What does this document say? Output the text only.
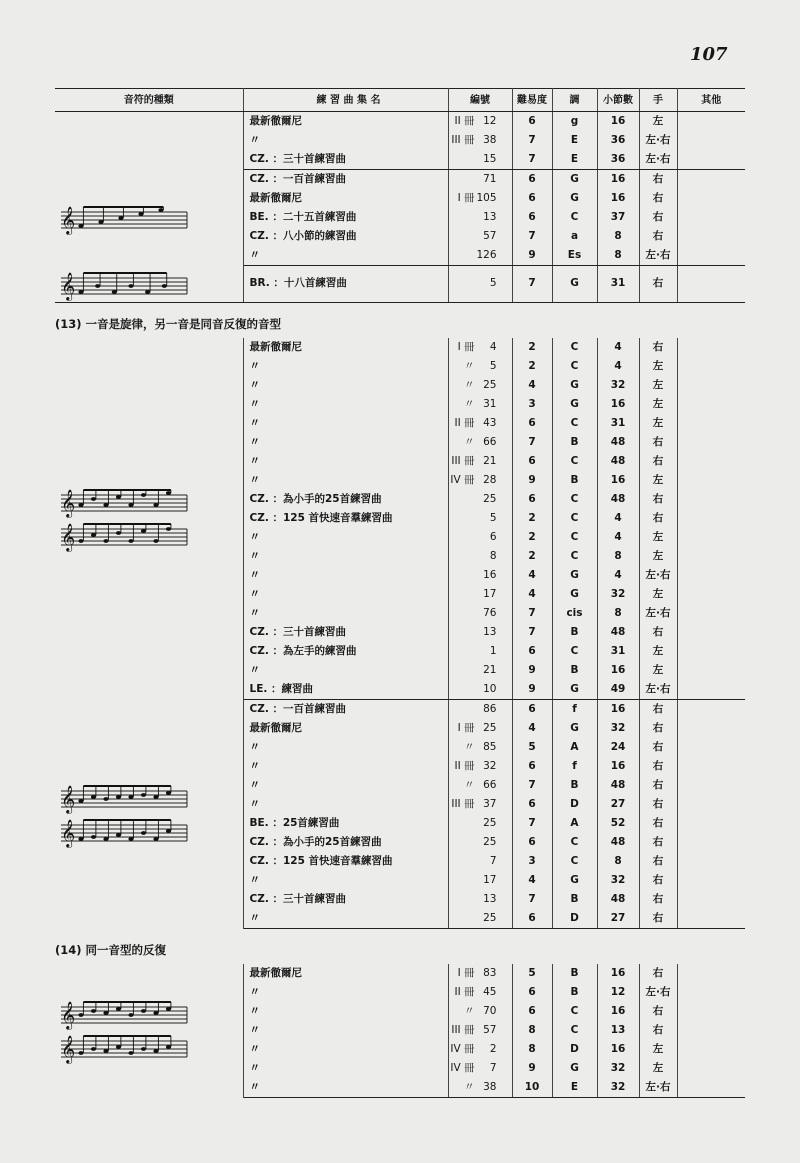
107
音符的種類	練 習 曲 集 名	編號	難易度	調	小節數	手	其他
	最新徹爾尼	II 冊 12	6	g	16	左	
	〃	III 冊 38	7	E	36	左·右	
	CZ. ：三十首練習曲	15	7	E	36	左·右	

𝄞	CZ. ：一百首練習曲	71	6	G	16	右	
	最新徹爾尼	I 冊 105	6	G	16	右	
	BE. ：二十五首練習曲	13	6	C	37	右	
	CZ. ：八小節的練習曲	57	7	a	8	右	
	〃	126	9	Es	8	左·右	

𝄞	BR. ：十八首練習曲	5	7	G	31	右	
(13) 一音是旋律，另一音是同音反復的音型							

𝄞
𝄞	最新徹爾尼	I 冊 4	2	C	4	右	
	〃	〃 5	2	C	4	左	
	〃	〃 25	4	G	32	左	
	〃	〃 31	3	G	16	左	
	〃	II 冊 43	6	C	31	左	
	〃	〃 66	7	B	48	右	
	〃	III 冊 21	6	C	48	右	
	〃	IV 冊 28	9	B	16	左	
	CZ. ：為小手的25首練習曲	25	6	C	48	右	
	CZ. ：125 首快速音羣練習曲	5	2	C	4	右	
	〃	6	2	C	4	左	
	〃	8	2	C	8	左	
	〃	16	4	G	4	左·右	
	〃	17	4	G	32	左	
	〃	76	7	cis	8	左·右	
	CZ. ：三十首練習曲	13	7	B	48	右	
	CZ. ：為左手的練習曲	1	6	C	31	左	
	〃	21	9	B	16	左	
	LE. ：練習曲	10	9	G	49	左·右	

𝄞
𝄞	CZ. ：一百首練習曲	86	6	f	16	右	
	最新徹爾尼	I 冊 25	4	G	32	右	
	〃	〃 85	5	A	24	右	
	〃	II 冊 32	6	f	16	右	
	〃	〃 66	7	B	48	右	
	〃	III 冊 37	6	D	27	右	
	BE. ：25首練習曲	25	7	A	52	右	
	CZ. ：為小手的25首練習曲	25	6	C	48	右	
	CZ. ：125 首快速音羣練習曲	7	3	C	8	右	
	〃	17	4	G	32	右	
	CZ. ：三十首練習曲	13	7	B	48	右	
	〃	25	6	D	27	右	
(14) 同一音型的反復							

𝄞
𝄞	最新徹爾尼	I 冊 83	5	B	16	右	
	〃	II 冊 45	6	B	12	左·右	
	〃	〃 70	6	C	16	右	
	〃	III 冊 57	8	C	13	右	
	〃	IV 冊 2	8	D	16	左	
	〃	IV 冊 7	9	G	32	左	
	〃	〃 38	10	E	32	左·右	
